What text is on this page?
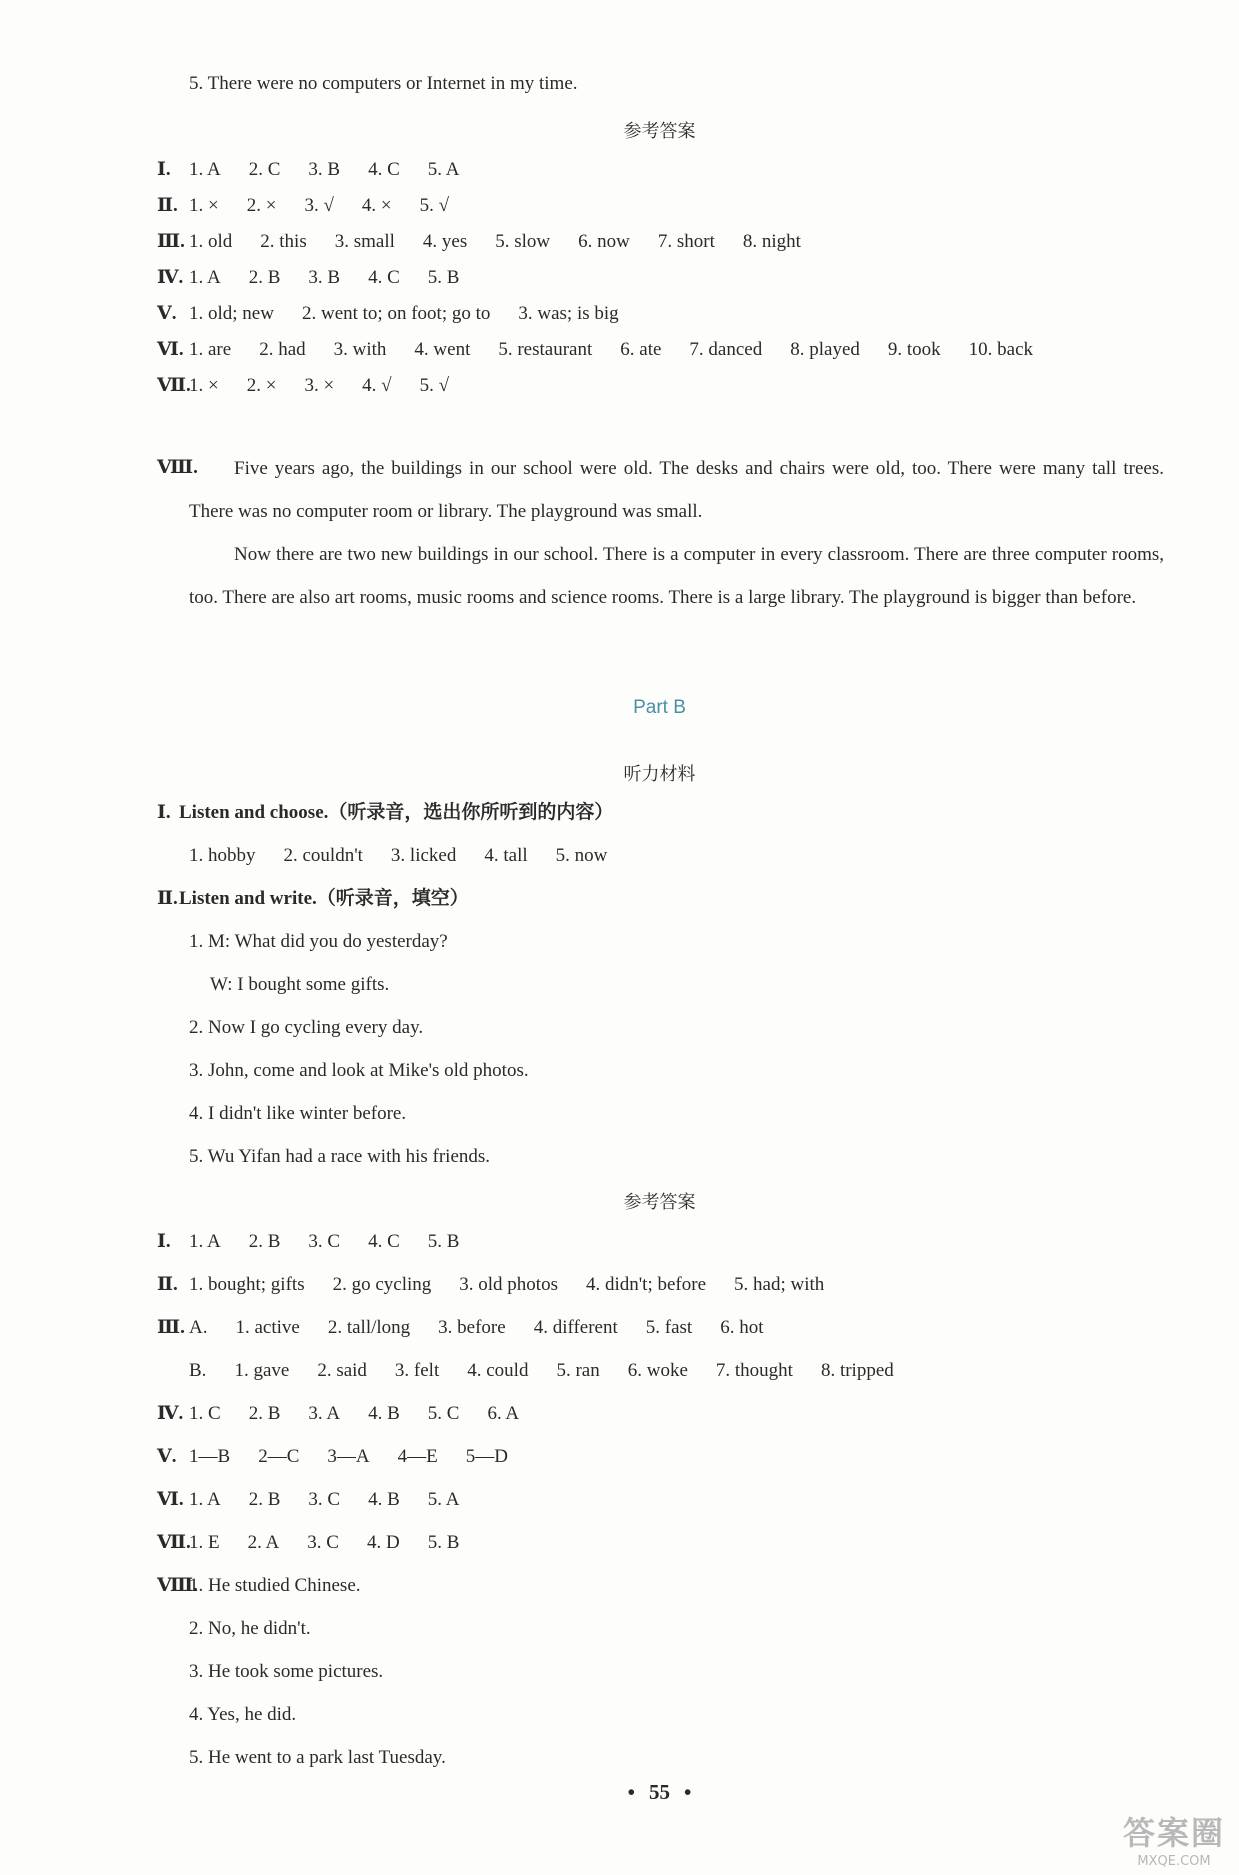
5. There were no computers or Internet in my time.
参考答案
Ⅰ. 1. A 2. C 3. B 4. C 5. A
Ⅱ. 1. × 2. × 3. √ 4. × 5. √
Ⅲ. 1. old 2. this 3. small 4. yes 5. slow 6. now 7. short 8. night
Ⅳ. 1. A 2. B 3. B 4. C 5. B
Ⅴ. 1. old; new 2. went to; on foot; go to 3. was; is big
Ⅵ. 1. are 2. had 3. with 4. went 5. restaurant 6. ate 7. danced 8. played 9. took 10. back
Ⅶ.
1. × 2. × 3. × 4. √ 5. √
Ⅷ.	Five years ago, the buildings in our school were old. The desks and chairs were old, too. There were many tall trees. There was no computer room or library. The playground was small.
Now there are two new buildings in our school. There is a computer in every classroom. There are three computer rooms, too. There are also art rooms, music rooms and science rooms. There is a large library. The playground is bigger than before.
Part B
听力材料
Ⅰ. Listen and choose.（听录音，选出你所听到的内容）
1. hobby 2. couldn't 3. licked 4. tall 5. now
Ⅱ.Listen and write.（听录音，填空）
1. M: What did you do yesterday?
W: I bought some gifts.
2. Now I go cycling every day.
3. John, come and look at Mike's old photos.
4. I didn't like winter before.
5. Wu Yifan had a race with his friends.
参考答案
Ⅰ. 1. A 2. B 3. C 4. C 5. B
Ⅱ. 1. bought; gifts 2. go cycling 3. old photos 4. didn't; before 5. had; with
Ⅲ. A. 1. active 2. tall/long 3. before 4. different 5. fast 6. hot
B. 1. gave 2. said 3. felt 4. could 5. ran 6. woke 7. thought 8. tripped
Ⅳ. 1. C 2. B 3. A 4. B 5. C 6. A
Ⅴ. 1—B 2—C 3—A 4—E 5—D
Ⅵ. 1. A 2. B 3. C 4. B 5. A
Ⅶ.
1. E 2. A 3. C 4. D 5. B
Ⅷ.
1. He studied Chinese.
2. No, he didn't.
3. He took some pictures.
4. Yes, he did.
5. He went to a park last Tuesday.
• 55 •
答案圈
MXQE.COM
